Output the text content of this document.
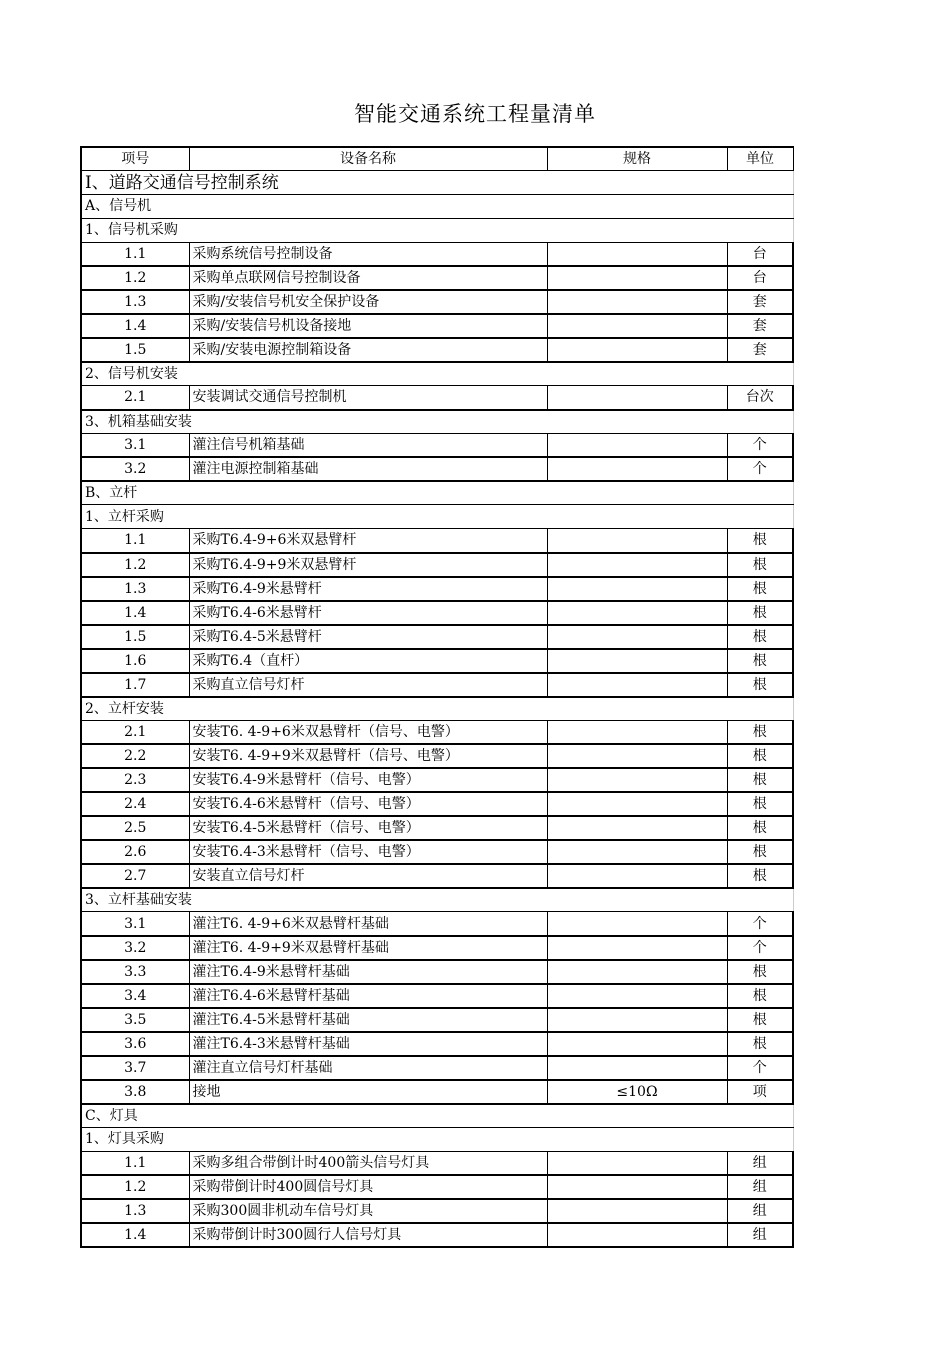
智能交通系统工程量清单
项号	设备名称	规格	单位
Ⅰ、道路交通信号控制系统			
A、信号机			
1、信号机采购			
1.1	采购系统信号控制设备		台
1.2	采购单点联网信号控制设备		台
1.3	采购/安装信号机安全保护设备		套
1.4	采购/安装信号机设备接地		套
1.5	采购/安装电源控制箱设备		套
2、信号机安装			
2.1	安装调试交通信号控制机		台次
3、机箱基础安装			
3.1	灌注信号机箱基础		个
3.2	灌注电源控制箱基础		个
B、立杆			
1、立杆采购			
1.1	采购T6.4-9+6米双悬臂杆		根
1.2	采购T6.4-9+9米双悬臂杆		根
1.3	采购T6.4-9米悬臂杆		根
1.4	采购T6.4-6米悬臂杆		根
1.5	采购T6.4-5米悬臂杆		根
1.6	采购T6.4（直杆）		根
1.7	采购直立信号灯杆		根
2、立杆安装			
2.1	安装T6. 4-9+6米双悬臂杆（信号、电警）		根
2.2	安装T6. 4-9+9米双悬臂杆（信号、电警）		根
2.3	安装T6.4-9米悬臂杆（信号、电警）		根
2.4	安装T6.4-6米悬臂杆（信号、电警）		根
2.5	安装T6.4-5米悬臂杆（信号、电警）		根
2.6	安装T6.4-3米悬臂杆（信号、电警）		根
2.7	安装直立信号灯杆		根
3、立杆基础安装			
3.1	灌注T6. 4-9+6米双悬臂杆基础		个
3.2	灌注T6. 4-9+9米双悬臂杆基础		个
3.3	灌注T6.4-9米悬臂杆基础		根
3.4	灌注T6.4-6米悬臂杆基础		根
3.5	灌注T6.4-5米悬臂杆基础		根
3.6	灌注T6.4-3米悬臂杆基础		根
3.7	灌注直立信号灯杆基础		个
3.8	接地	≤10Ω	项
C、灯具			
1、灯具采购			
1.1	采购多组合带倒计时400箭头信号灯具		组
1.2	采购带倒计时400圆信号灯具		组
1.3	采购300圆非机动车信号灯具		组
1.4	采购带倒计时300圆行人信号灯具		组
